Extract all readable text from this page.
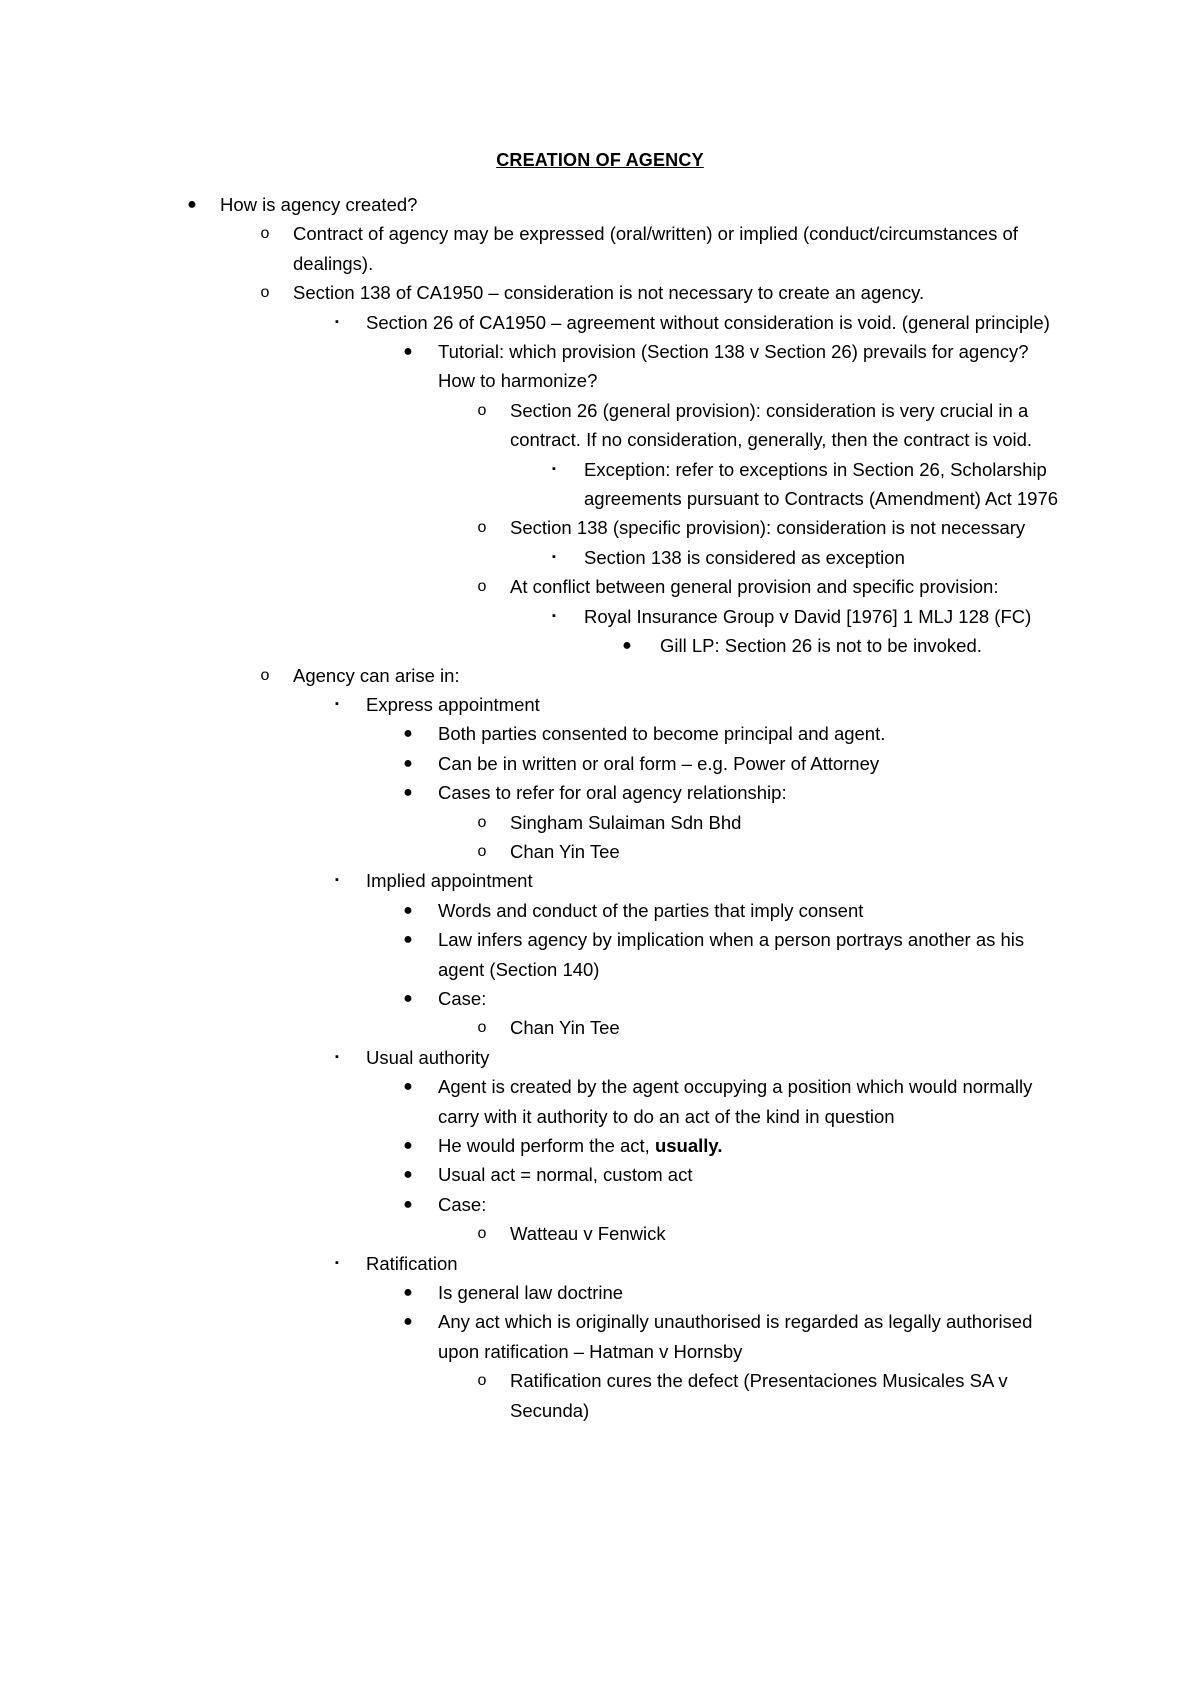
CREATION OF AGENCY
● How is agency created?
o Contract of agency may be expressed (oral/written) or implied (conduct/circumstances of dealings).
o Section 138 of CA1950 – consideration is not necessary to create an agency.
▪ Section 26 of CA1950 – agreement without consideration is void. (general principle)
● Tutorial: which provision (Section 138 v Section 26) prevails for agency? How to harmonize?
o Section 26 (general provision): consideration is very crucial in a contract. If no consideration, generally, then the contract is void.
▪ Exception: refer to exceptions in Section 26, Scholarship agreements pursuant to Contracts (Amendment) Act 1976
o Section 138 (specific provision): consideration is not necessary
▪ Section 138 is considered as exception
o At conflict between general provision and specific provision:
▪ Royal Insurance Group v David [1976] 1 MLJ 128 (FC)
● Gill LP: Section 26 is not to be invoked.
o Agency can arise in:
▪ Express appointment
● Both parties consented to become principal and agent.
● Can be in written or oral form – e.g. Power of Attorney
● Cases to refer for oral agency relationship:
o Singham Sulaiman Sdn Bhd
o Chan Yin Tee
▪ Implied appointment
● Words and conduct of the parties that imply consent
● Law infers agency by implication when a person portrays another as his agent (Section 140)
● Case:
o Chan Yin Tee
▪ Usual authority
● Agent is created by the agent occupying a position which would normally carry with it authority to do an act of the kind in question
● He would perform the act, usually.
● Usual act = normal, custom act
● Case:
o Watteau v Fenwick
▪ Ratification
● Is general law doctrine
● Any act which is originally unauthorised is regarded as legally authorised upon ratification – Hatman v Hornsby
o Ratification cures the defect (Presentaciones Musicales SA v Secunda)
